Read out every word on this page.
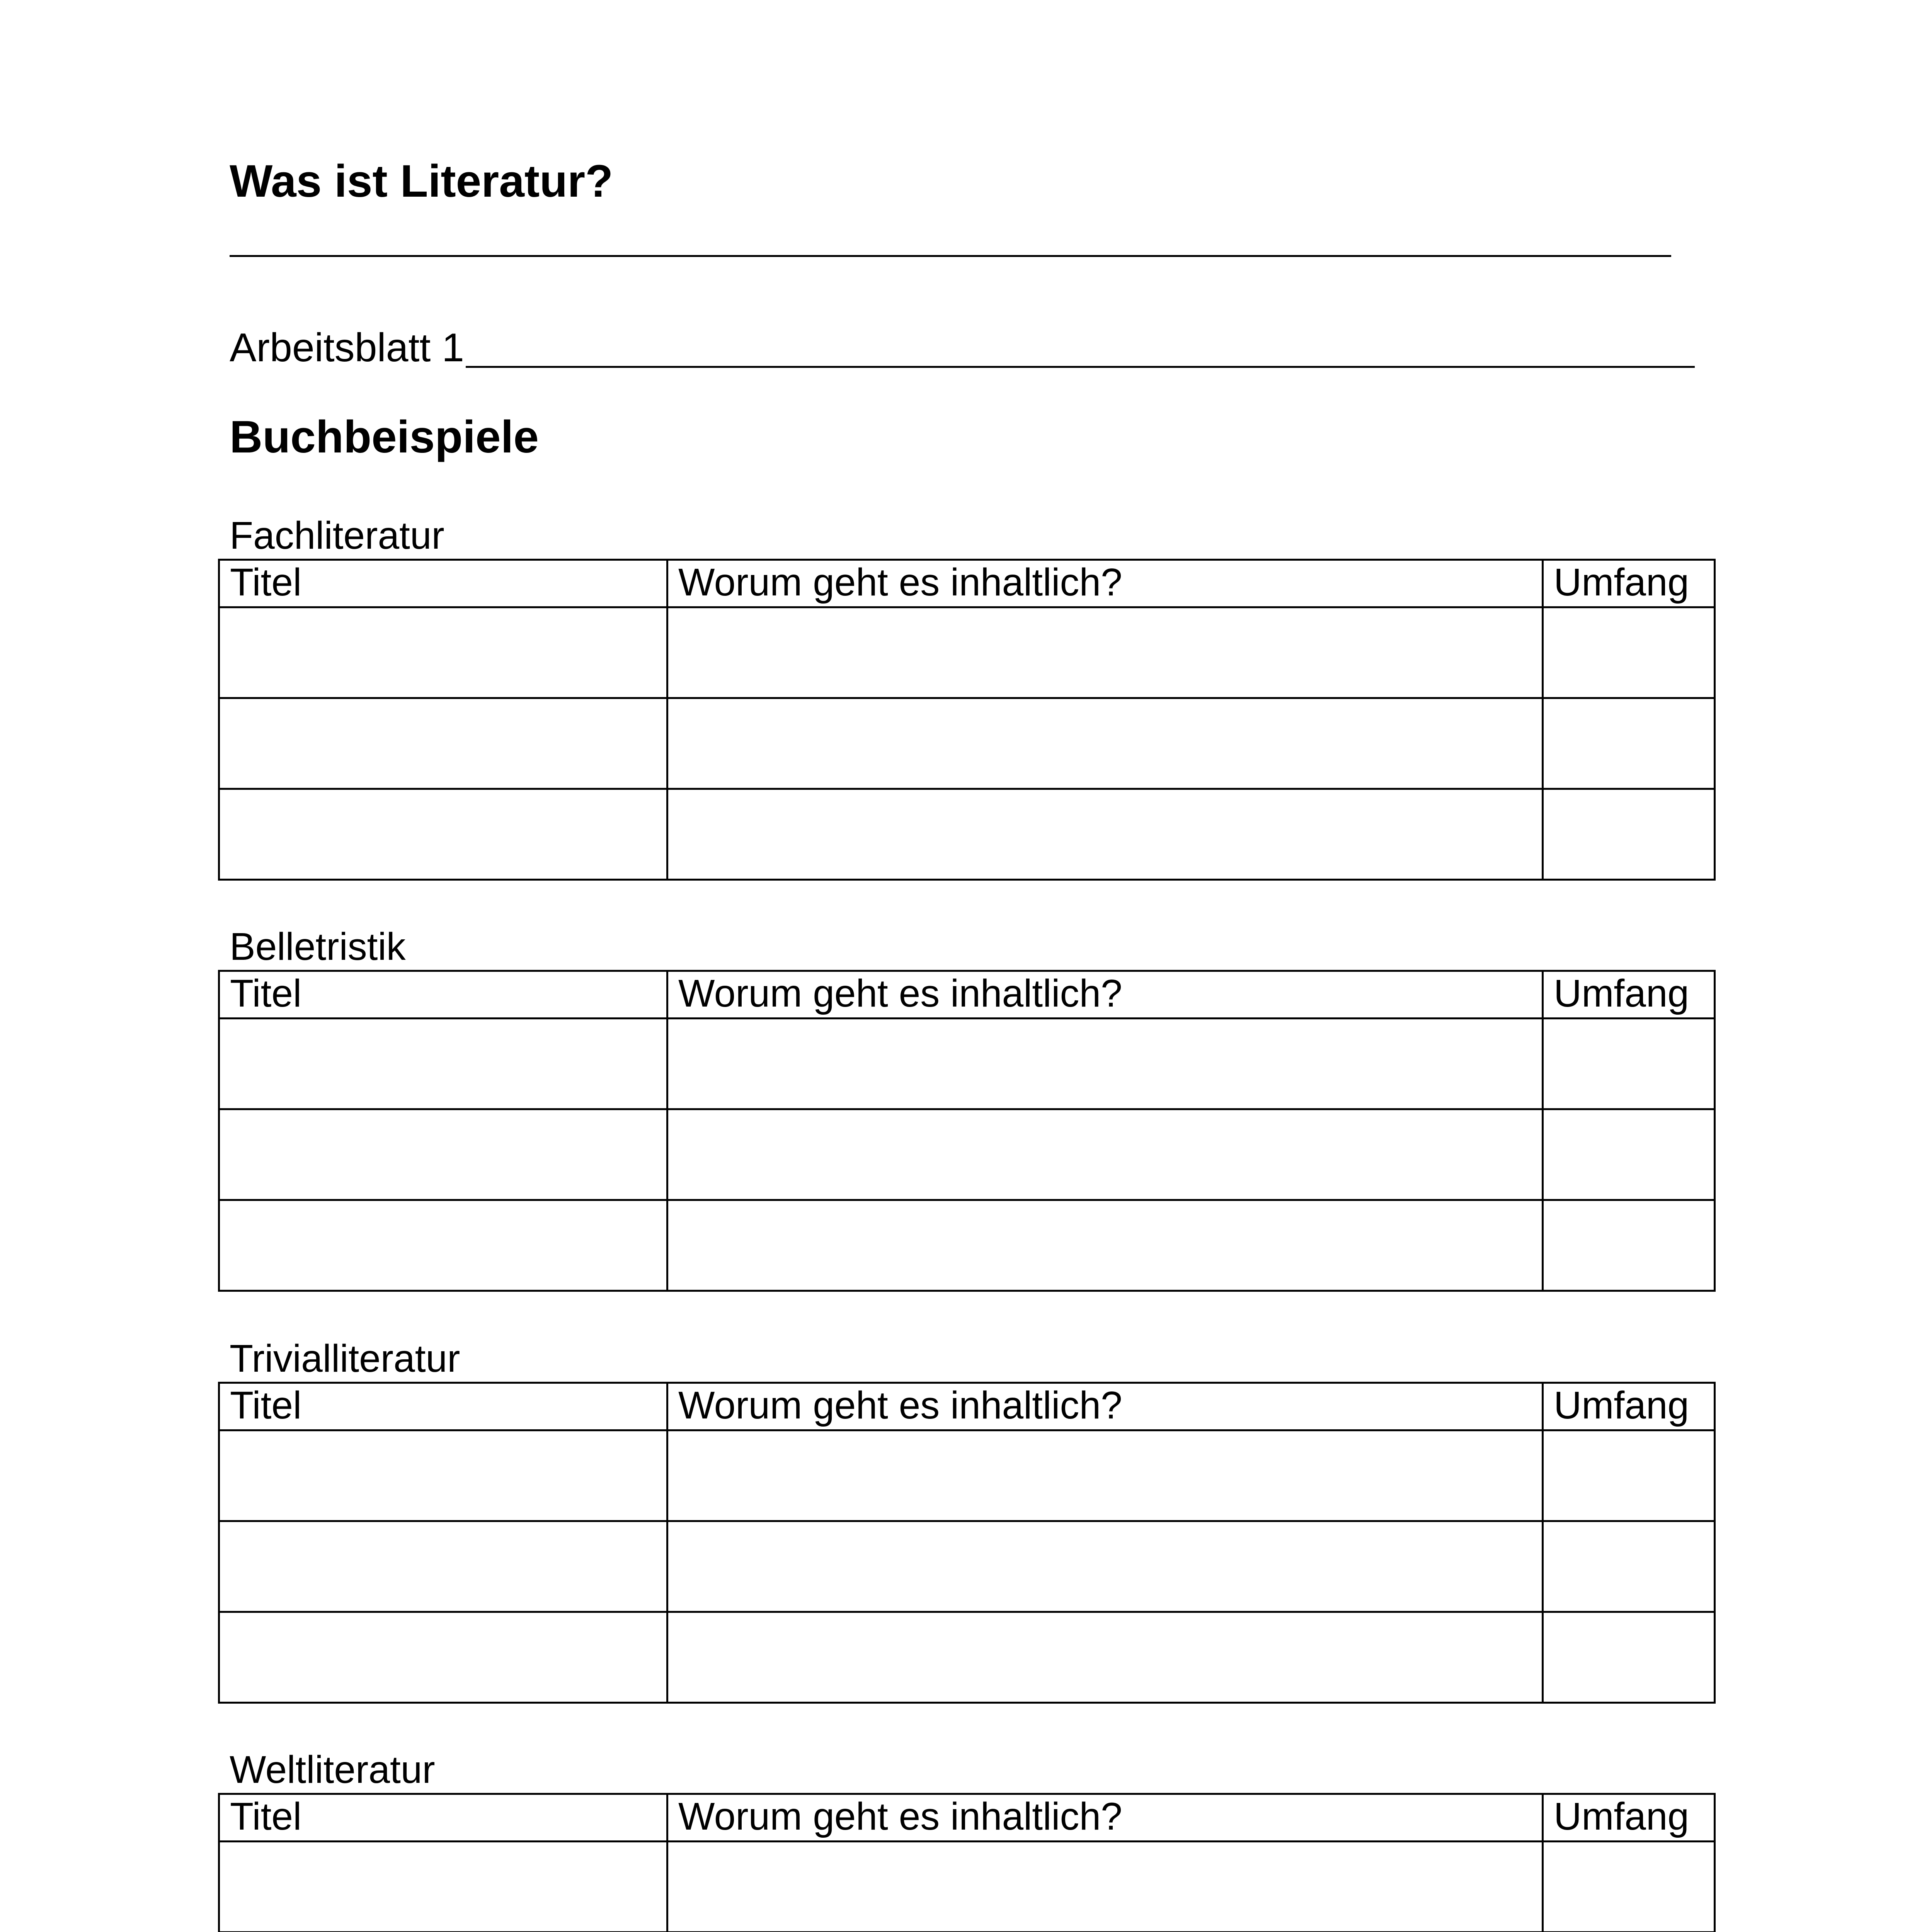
Was ist Literatur?
Arbeitsblatt 1
Buchbeispiele
Fachliteratur
Titel	Worum geht es inhaltlich?	Umfang

Belletristik
Titel	Worum geht es inhaltlich?	Umfang

Trivialliteratur
Titel	Worum geht es inhaltlich?	Umfang

Weltliteratur
Titel	Worum geht es inhaltlich?	Umfang
